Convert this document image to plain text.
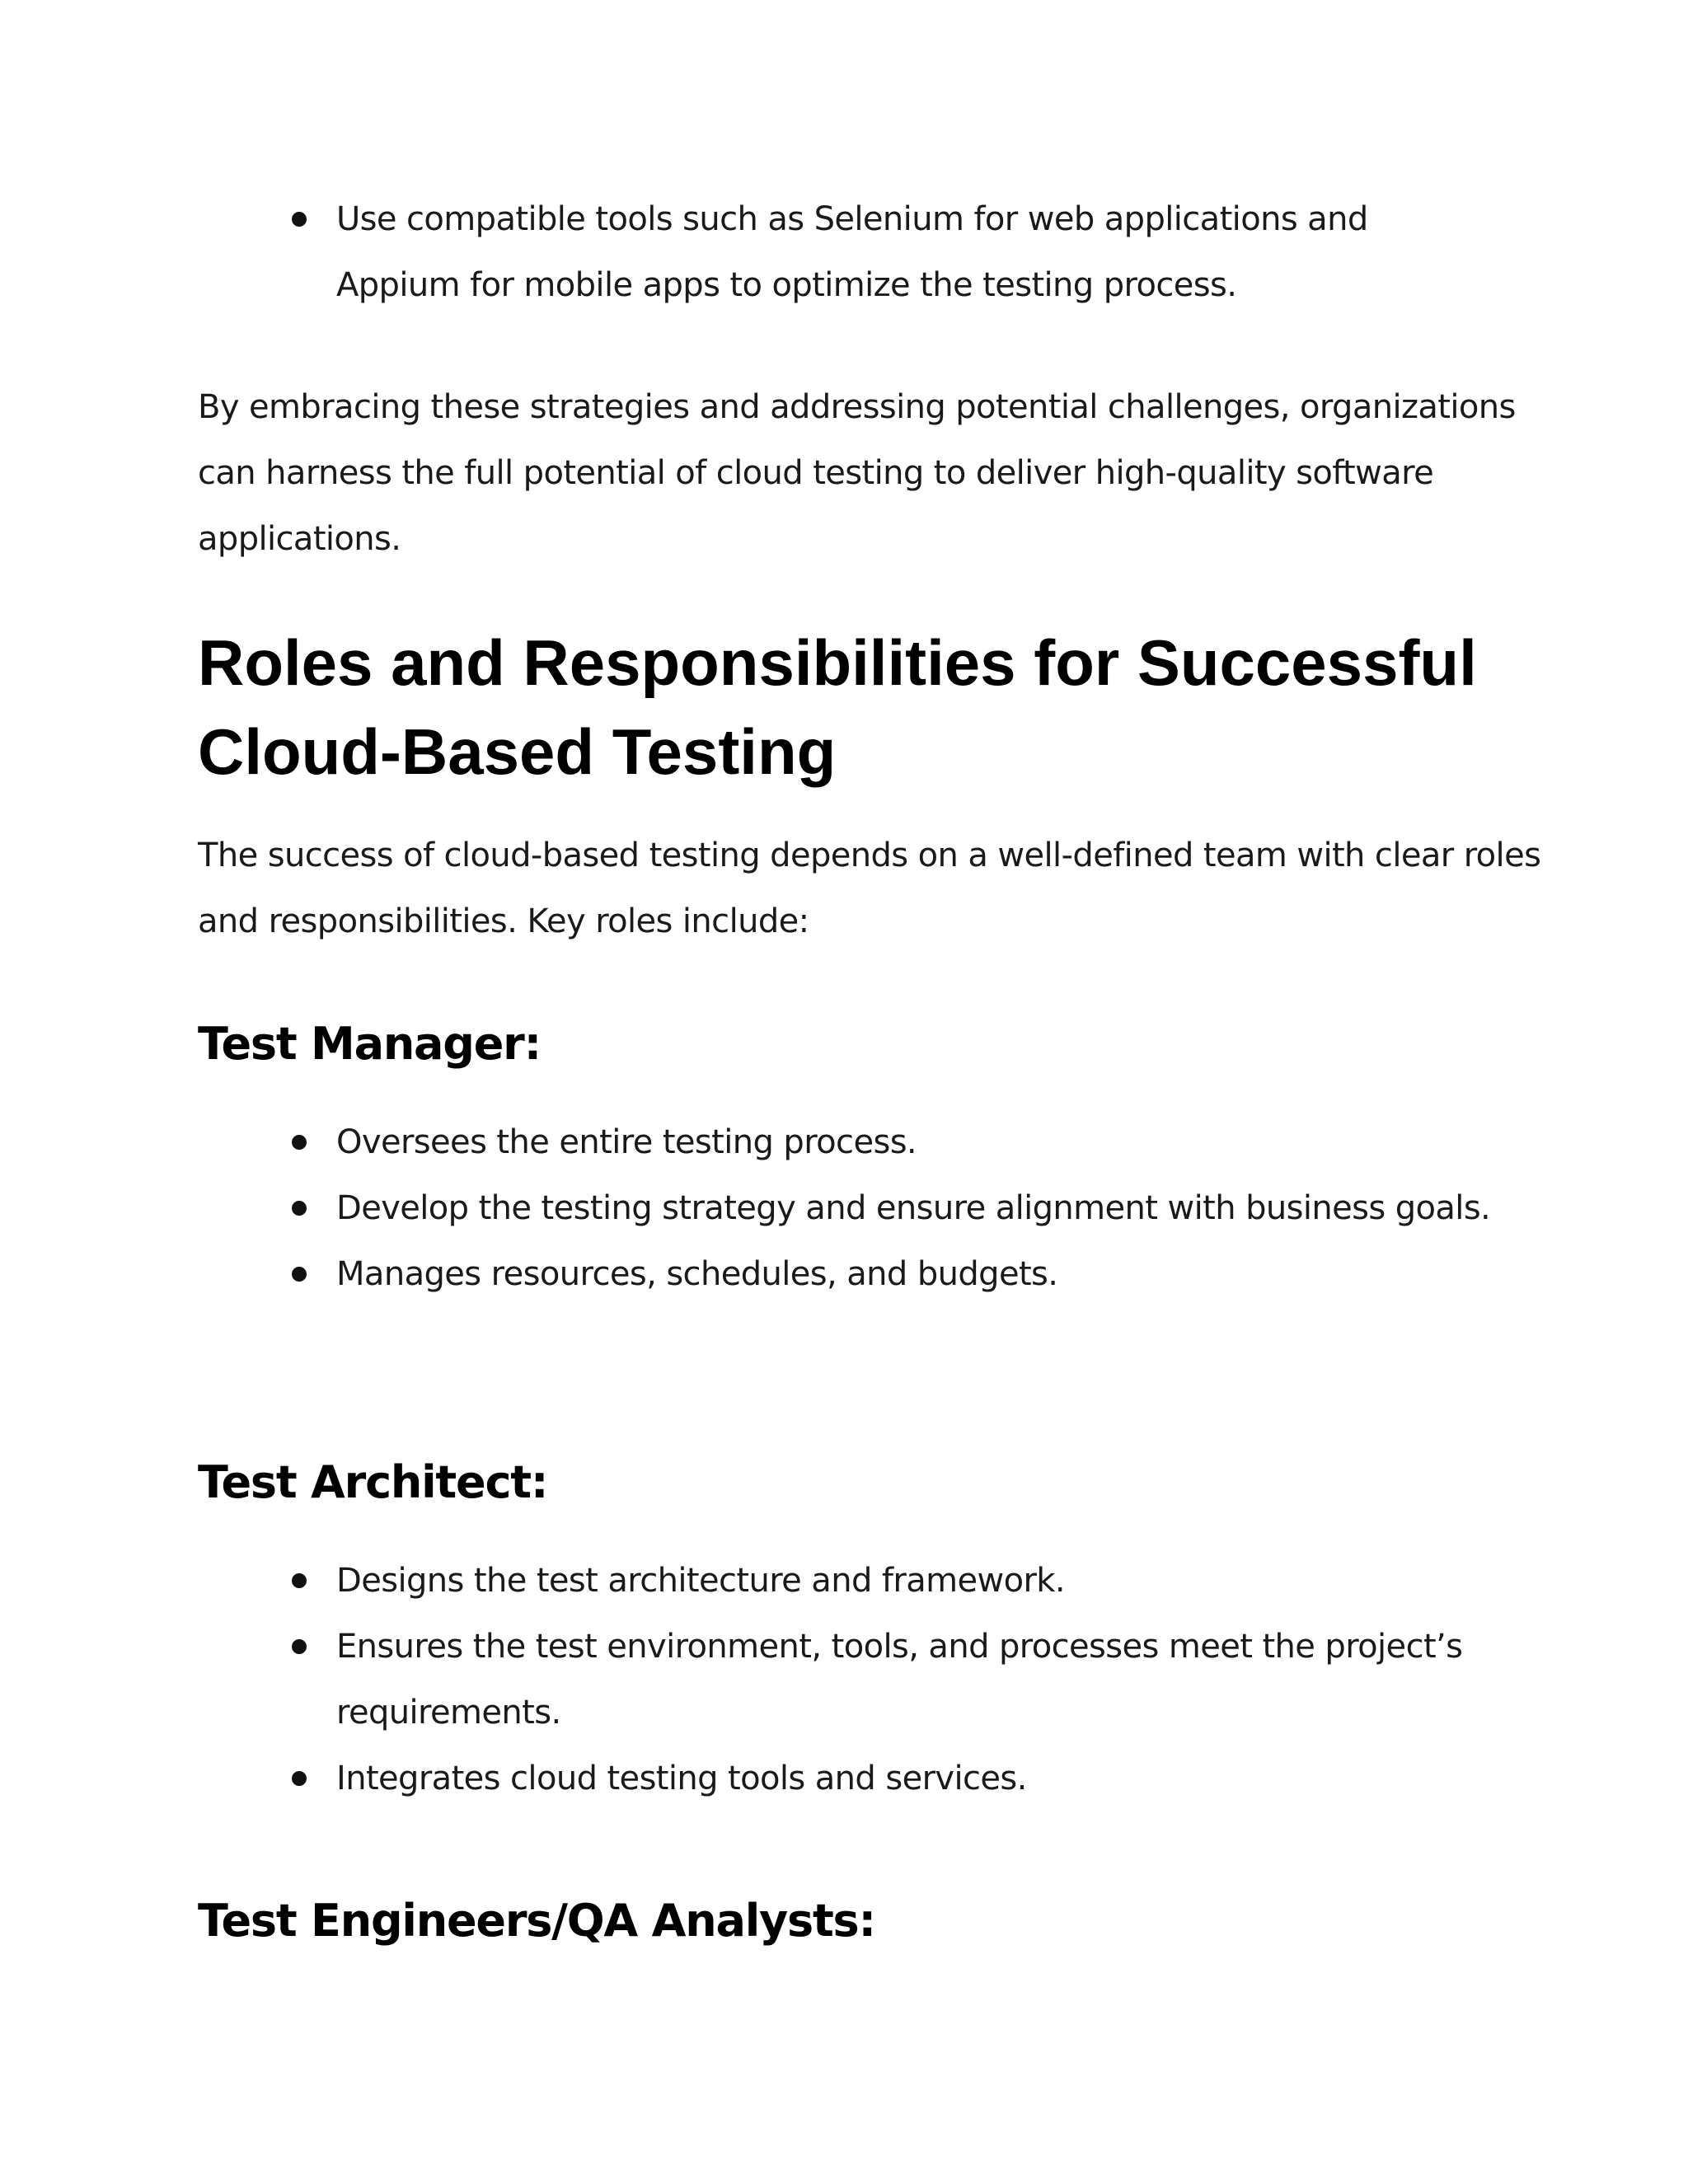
Use compatible tools such as Selenium for web applications and Appium for mobile apps to optimize the testing process.

By embracing these strategies and addressing potential challenges, organizations can harness the full potential of cloud testing to deliver high-quality software applications.

Roles and Responsibilities for Successful
Cloud-Based Testing

The success of cloud-based testing depends on a well-defined team with clear roles and responsibilities. Key roles include:

Test Manager:
Oversees the entire testing process.
Develop the testing strategy and ensure alignment with business goals.
Manages resources, schedules, and budgets.
Test Architect:
Designs the test architecture and framework.
Ensures the test environment, tools, and processes meet the project’s requirements.
Integrates cloud testing tools and services.
Test Engineers/QA Analysts:
